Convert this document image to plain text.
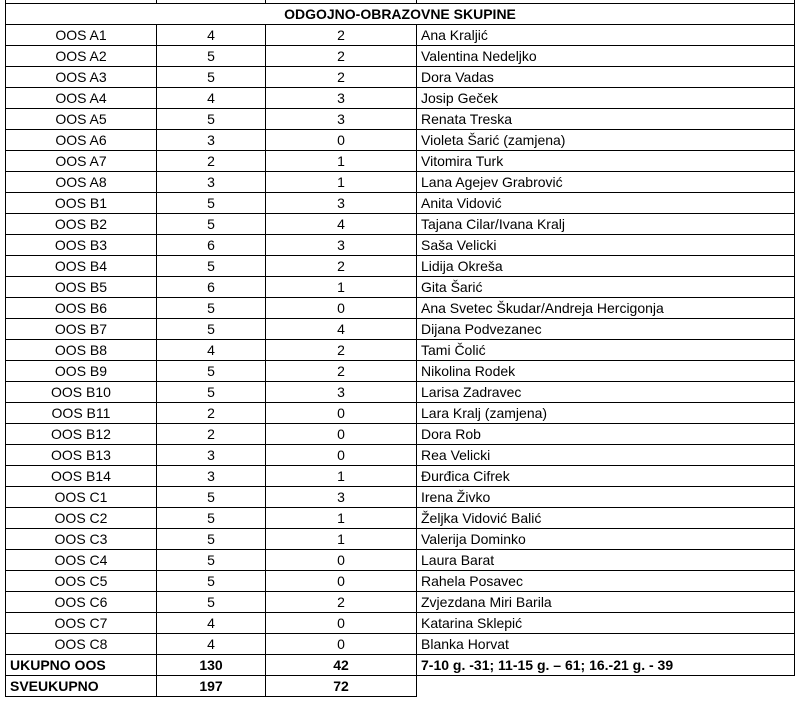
ODGOJNO-OBRAZOVNE SKUPINE			
OOS A1	4	2	Ana Kraljić
OOS A2	5	2	Valentina Nedeljko
OOS A3	5	2	Dora Vadas
OOS A4	4	3	Josip Geček
OOS A5	5	3	Renata Treska
OOS A6	3	0	Violeta Šarić (zamjena)
OOS A7	2	1	Vitomira Turk
OOS A8	3	1	Lana Agejev Grabrović
OOS B1	5	3	Anita Vidović
OOS B2	5	4	Tajana Cilar/Ivana Kralj
OOS B3	6	3	Saša Velicki
OOS B4	5	2	Lidija Okreša
OOS B5	6	1	Gita Šarić
OOS B6	5	0	Ana Svetec Škudar/Andreja Hercigonja
OOS B7	5	4	Dijana Podvezanec
OOS B8	4	2	Tami Čolić
OOS B9	5	2	Nikolina Rodek
OOS B10	5	3	Larisa Zadravec
OOS B11	2	0	Lara Kralj (zamjena)
OOS B12	2	0	Dora Rob
OOS B13	3	0	Rea Velicki
OOS B14	3	1	Đurđica Cifrek
OOS C1	5	3	Irena Živko
OOS C2	5	1	Željka Vidović Balić
OOS C3	5	1	Valerija Dominko
OOS C4	5	0	Laura Barat
OOS C5	5	0	Rahela Posavec
OOS C6	5	2	Zvjezdana Miri Barila
OOS C7	4	0	Katarina Sklepić
OOS C8	4	0	Blanka Horvat
UKUPNO OOS	130	42	7-10 g. -31; 11-15 g. – 61; 16.-21 g. - 39
SVEUKUPNO	197	72	
